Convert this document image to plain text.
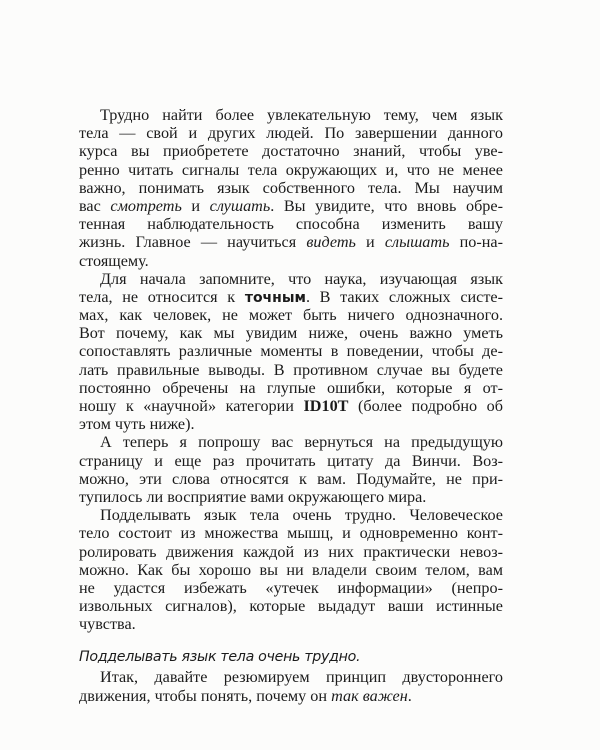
Трудно найти более увлекательную тему, чем язык
тела — свой и других людей. По завершении данного
курса вы приобретете достаточно знаний, чтобы уве-
ренно читать сигналы тела окружающих и, что не менее
важно, понимать язык собственного тела. Мы научим
вас смотреть и слушать. Вы увидите, что вновь обре-
тенная наблюдательность способна изменить вашу
жизнь. Главное — научиться видеть и слышать по-на-
стоящему.
Для начала запомните, что наука, изучающая язык
тела, не относится к точным. В таких сложных систе-
мах, как человек, не может быть ничего однозначного.
Вот почему, как мы увидим ниже, очень важно уметь
сопоставлять различные моменты в поведении, чтобы де-
лать правильные выводы. В противном случае вы будете
постоянно обречены на глупые ошибки, которые я от-
ношу к «научной» категории ID10T (более подробно об
этом чуть ниже).
А теперь я попрошу вас вернуться на предыдущую
страницу и еще раз прочитать цитату да Винчи. Воз-
можно, эти слова относятся к вам. Подумайте, не при-
тупилось ли восприятие вами окружающего мира.
Подделывать язык тела очень трудно. Человеческое
тело состоит из множества мышц, и одновременно конт-
ролировать движения каждой из них практически невоз-
можно. Как бы хорошо вы ни владели своим телом, вам
не удастся избежать «утечек информации» (непро-
извольных сигналов), которые выдадут ваши истинные
чувства.
Подделывать язык тела очень трудно.
Итак, давайте резюмируем принцип двустороннего
движения, чтобы понять, почему он так важен.
